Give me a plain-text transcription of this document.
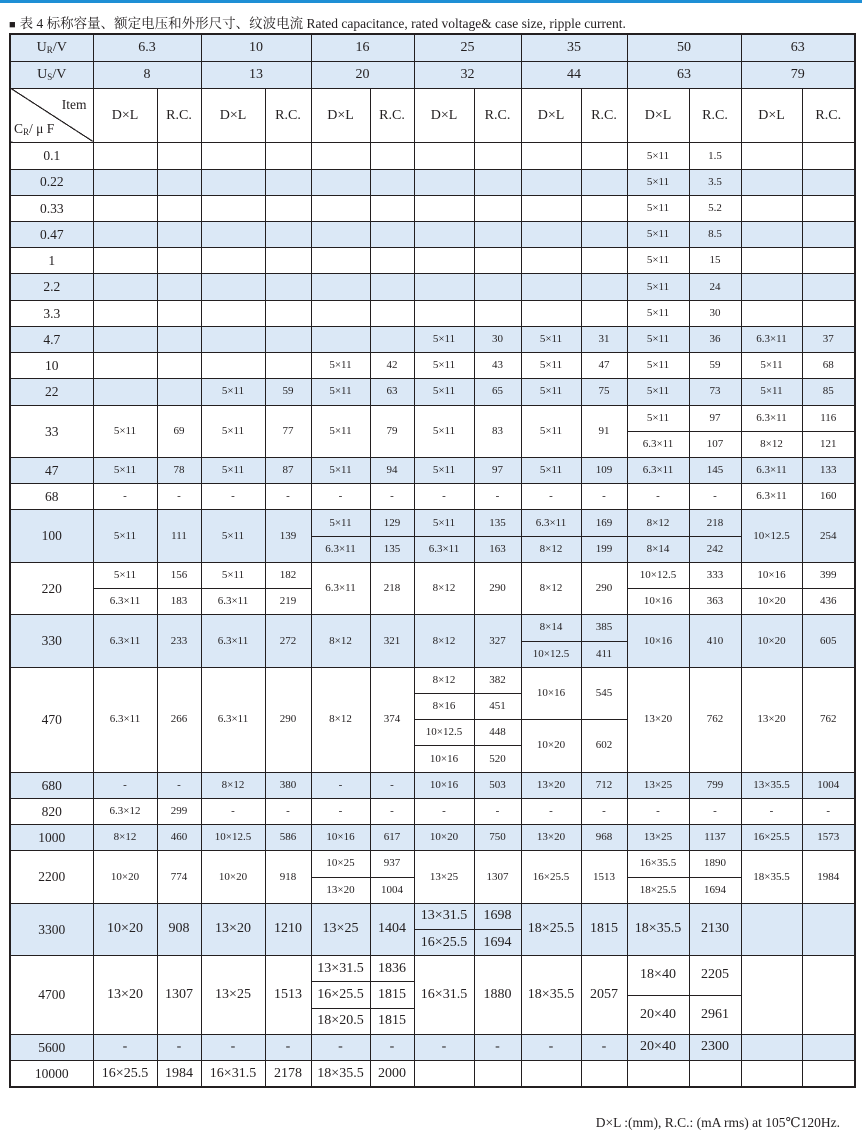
■ 表 4 标称容量、额定电压和外形尺寸、纹波电流 Rated capacitance, rated voltage& case size, ripple current.
$U_R/V$	6.3		10		16		25		35		50		63	
$U_S/V$	8		13		20		32		44		63		79	

Item
$C_R/$ μ F	D×L	R.C.	D×L	R.C.	D×L	R.C.	D×L	R.C.	D×L	R.C.	D×L	R.C.	D×L	R.C.
0.1											5×11	1.5		

0.22											5×11	3.5		

0.33											5×11	5.2		

0.47											5×11	8.5		

1											5×11	15		

2.2											5×11	24		

3.3											5×11	30		

4.7							5×11	30	5×11	31	5×11	36	6.3×11	37

10					5×11	42	5×11	43	5×11	47	5×11	59	5×11	68

22			5×11	59	5×11	63	5×11	65	5×11	75	5×11	73	5×11	85

33	5×11	69	5×11	77	5×11	79	5×11	83	5×11	91	5×11	97	6.3×11	116

											6.3×11	107	8×12	121

47	5×11	78	5×11	87	5×11	94	5×11	97	5×11	109	6.3×11	145	6.3×11	133

68	-	-	-	-	-	-	-	-	-	-	-	-	6.3×11	160

100	5×11	111	5×11	139	5×11	129	5×11	135	6.3×11	169	8×12	218	10×12.5	254

					6.3×11	135	6.3×11	163	8×12	199	8×14	242		

220	5×11	156	5×11	182	6.3×11	218	8×12	290	8×12	290	10×12.5	333	10×16	399

	6.3×11	183	6.3×11	219							10×16	363	10×20	436

330	6.3×11	233	6.3×11	272	8×12	321	8×12	327	8×14	385	10×16	410	10×20	605

									10×12.5	411				

470	6.3×11	266	6.3×11	290	8×12	374	8×12	382	10×16	545	13×20	762	13×20	762

							8×16	451						

							10×12.5	448	10×20	602				

							10×16	520						

680	-	-	8×12	380	-	-	10×16	503	13×20	712	13×25	799	13×35.5	1004

820	6.3×12	299	-	-	-	-	-	-	-	-	-	-	-	-

1000	8×12	460	10×12.5	586	10×16	617	10×20	750	13×20	968	13×25	1137	16×25.5	1573

2200	10×20	774	10×20	918	10×25	937	13×25	1307	16×25.5	1513	16×35.5	1890	18×35.5	1984

					13×20	1004					18×25.5	1694		

3300	10×20	908	13×20	1210	13×25	1404	13×31.5	1698	18×25.5	1815	18×35.5	2130		

							16×25.5	1694						

4700	13×20	1307	13×25	1513	13×31.5	1836	16×31.5	1880	18×35.5	2057	18×40	2205		

					16×25.5	1815								
											20×40	2961		
					18×20.5	1815								

5600	-	-	-	-	-	-	-	-	-	-	20×40	2300		

10000	16×25.5	1984	16×31.5	2178	18×35.5	2000								

D×L :(mm), R.C.: (mA rms) at 105℃120Hz.
